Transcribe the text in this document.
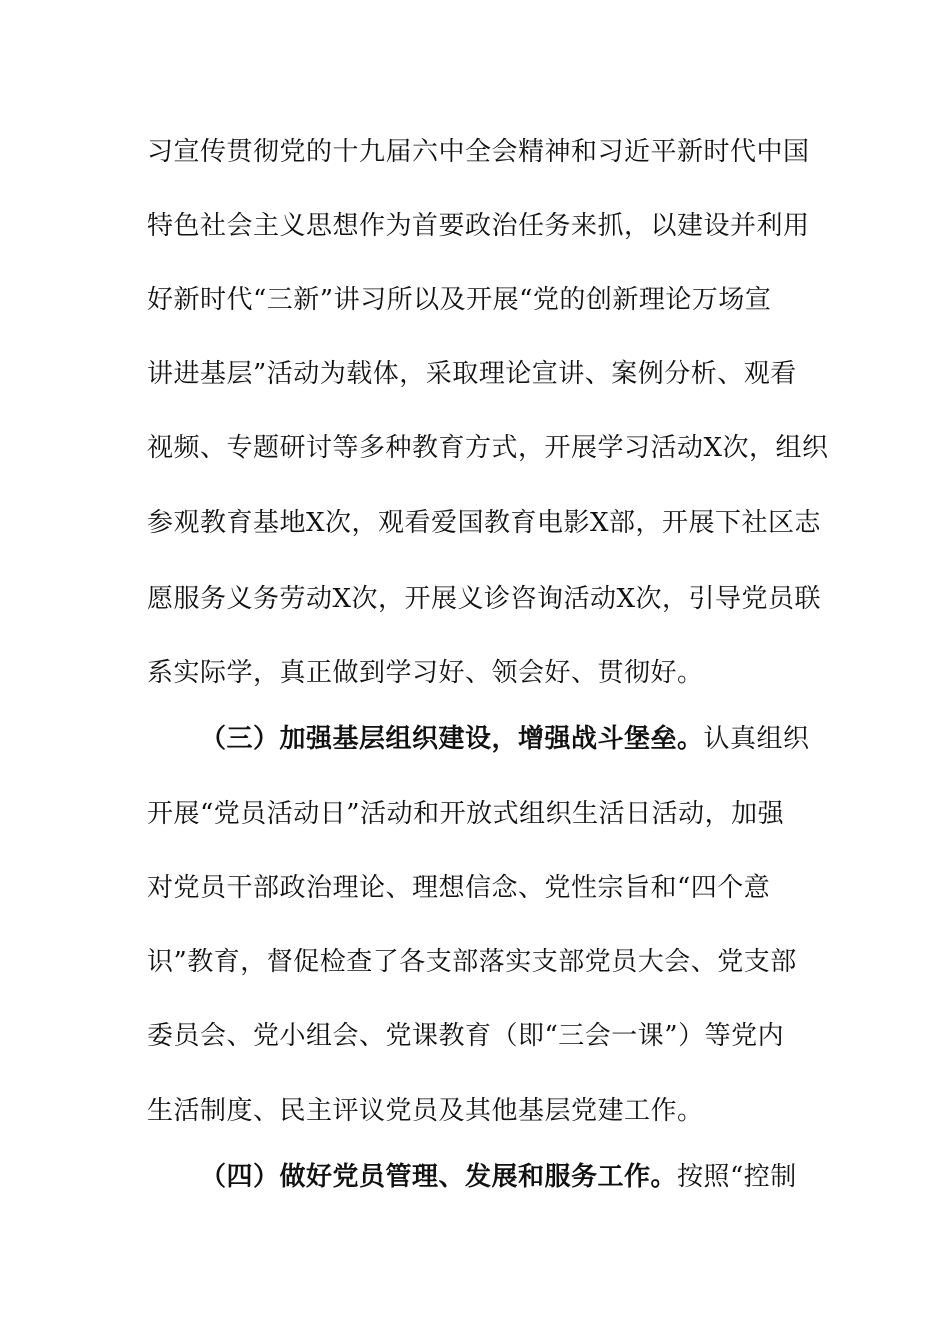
习宣传贯彻党的十九届六中全会精神和习近平新时代中国
特色社会主义思想作为首要政治任务来抓，以建设并利用
好新时代“三新”讲习所以及开展“党的创新理论万场宣
讲进基层”活动为载体，采取理论宣讲、案例分析、观看
视频、专题研讨等多种教育方式，开展学习活动X次，组织
参观教育基地X次，观看爱国教育电影X部，开展下社区志
愿服务义务劳动X次，开展义诊咨询活动X次，引导党员联
系实际学，真正做到学习好、领会好、贯彻好。
（三）加强基层组织建设，增强战斗堡垒。认真组织
开展“党员活动日”活动和开放式组织生活日活动，加强
对党员干部政治理论、理想信念、党性宗旨和“四个意
识”教育，督促检查了各支部落实支部党员大会、党支部
委员会、党小组会、党课教育（即“三会一课”）等党内
生活制度、民主评议党员及其他基层党建工作。
（四）做好党员管理、发展和服务工作。按照“控制
